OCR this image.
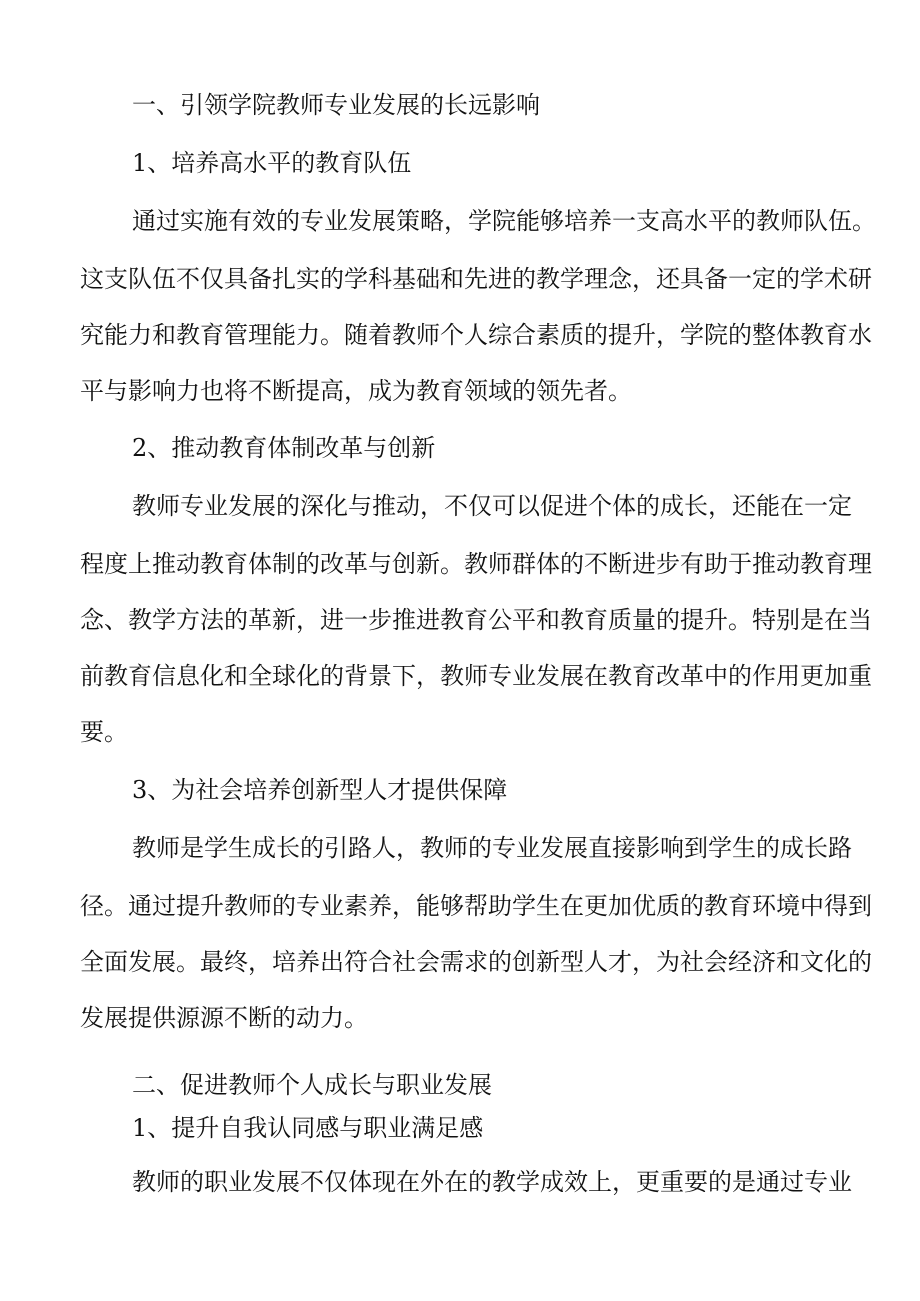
一、引领学院教师专业发展的长远影响

1、培养高水平的教育队伍

通过实施有效的专业发展策略，学院能够培养一支高水平的教师队伍。

这支队伍不仅具备扎实的学科基础和先进的教学理念，还具备一定的学术研

究能力和教育管理能力。随着教师个人综合素质的提升，学院的整体教育水

平与影响力也将不断提高，成为教育领域的领先者。

2、推动教育体制改革与创新

教师专业发展的深化与推动，不仅可以促进个体的成长，还能在一定

程度上推动教育体制的改革与创新。教师群体的不断进步有助于推动教育理

念、教学方法的革新，进一步推进教育公平和教育质量的提升。特别是在当

前教育信息化和全球化的背景下，教师专业发展在教育改革中的作用更加重

要。

3、为社会培养创新型人才提供保障

教师是学生成长的引路人，教师的专业发展直接影响到学生的成长路

径。通过提升教师的专业素养，能够帮助学生在更加优质的教育环境中得到

全面发展。最终，培养出符合社会需求的创新型人才，为社会经济和文化的

发展提供源源不断的动力。

二、促进教师个人成长与职业发展

1、提升自我认同感与职业满足感

教师的职业发展不仅体现在外在的教学成效上，更重要的是通过专业
